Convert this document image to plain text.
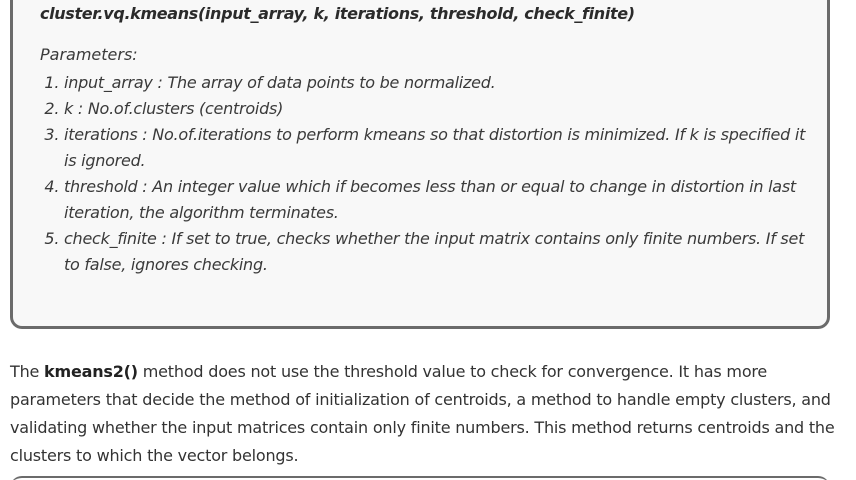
cluster.vq.kmeans(input_array, k, iterations, threshold, check_finite)

Parameters:

1. input_array : The array of data points to be normalized.
2. k : No.of.clusters (centroids)
3. iterations : No.of.iterations to perform kmeans so that distortion is minimized. If k is specified it is ignored.
4. threshold : An integer value which if becomes less than or equal to change in distortion in last iteration, the algorithm terminates.
5. check_finite : If set to true, checks whether the input matrix contains only finite numbers. If set to false, ignores checking.

The kmeans2() method does not use the threshold value to check for convergence. It has more parameters that decide the method of initialization of centroids, a method to handle empty clusters, and validating whether the input matrices contain only finite numbers. This method returns centroids and the clusters to which the vector belongs.
